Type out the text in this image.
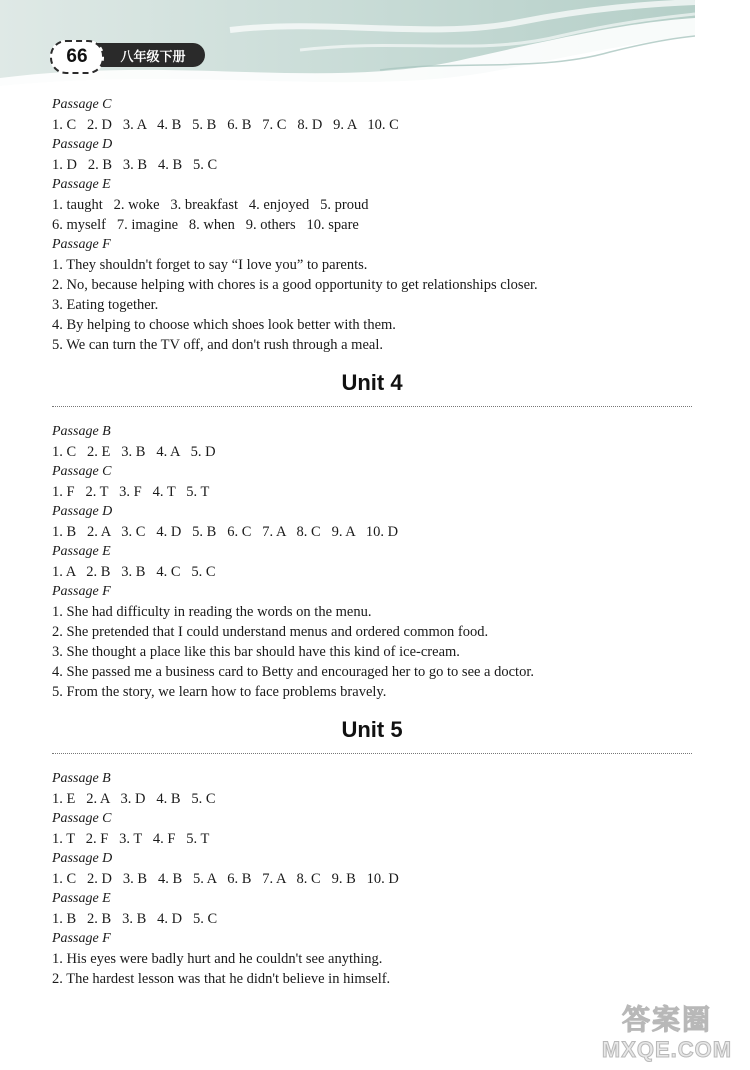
66	八年级下册
Passage C
1. C   2. D   3. A   4. B   5. B   6. B   7. C   8. D   9. A   10. C
Passage D
1. D   2. B   3. B   4. B   5. C
Passage E
1. taught   2. woke   3. breakfast   4. enjoyed   5. proud
6. myself   7. imagine   8. when   9. others   10. spare
Passage F
1. They shouldn't forget to say “I love you” to parents.
2. No, because helping with chores is a good opportunity to get relationships closer.
3. Eating together.
4. By helping to choose which shoes look better with them.
5. We can turn the TV off, and don't rush through a meal.
Unit 4
Passage B
1. C   2. E   3. B   4. A   5. D
Passage C
1. F   2. T   3. F   4. T   5. T
Passage D
1. B   2. A   3. C   4. D   5. B   6. C   7. A   8. C   9. A   10. D
Passage E
1. A   2. B   3. B   4. C   5. C
Passage F
1. She had difficulty in reading the words on the menu.
2. She pretended that I could understand menus and ordered common food.
3. She thought a place like this bar should have this kind of ice-cream.
4. She passed me a business card to Betty and encouraged her to go to see a doctor.
5. From the story, we learn how to face problems bravely.
Unit 5
Passage B
1. E   2. A   3. D   4. B   5. C
Passage C
1. T   2. F   3. T   4. F   5. T
Passage D
1. C   2. D   3. B   4. B   5. A   6. B   7. A   8. C   9. B   10. D
Passage E
1. B   2. B   3. B   4. D   5. C
Passage F
1. His eyes were badly hurt and he couldn't see anything.
2. The hardest lesson was that he didn't believe in himself.
答案圈
MXQE.COM
